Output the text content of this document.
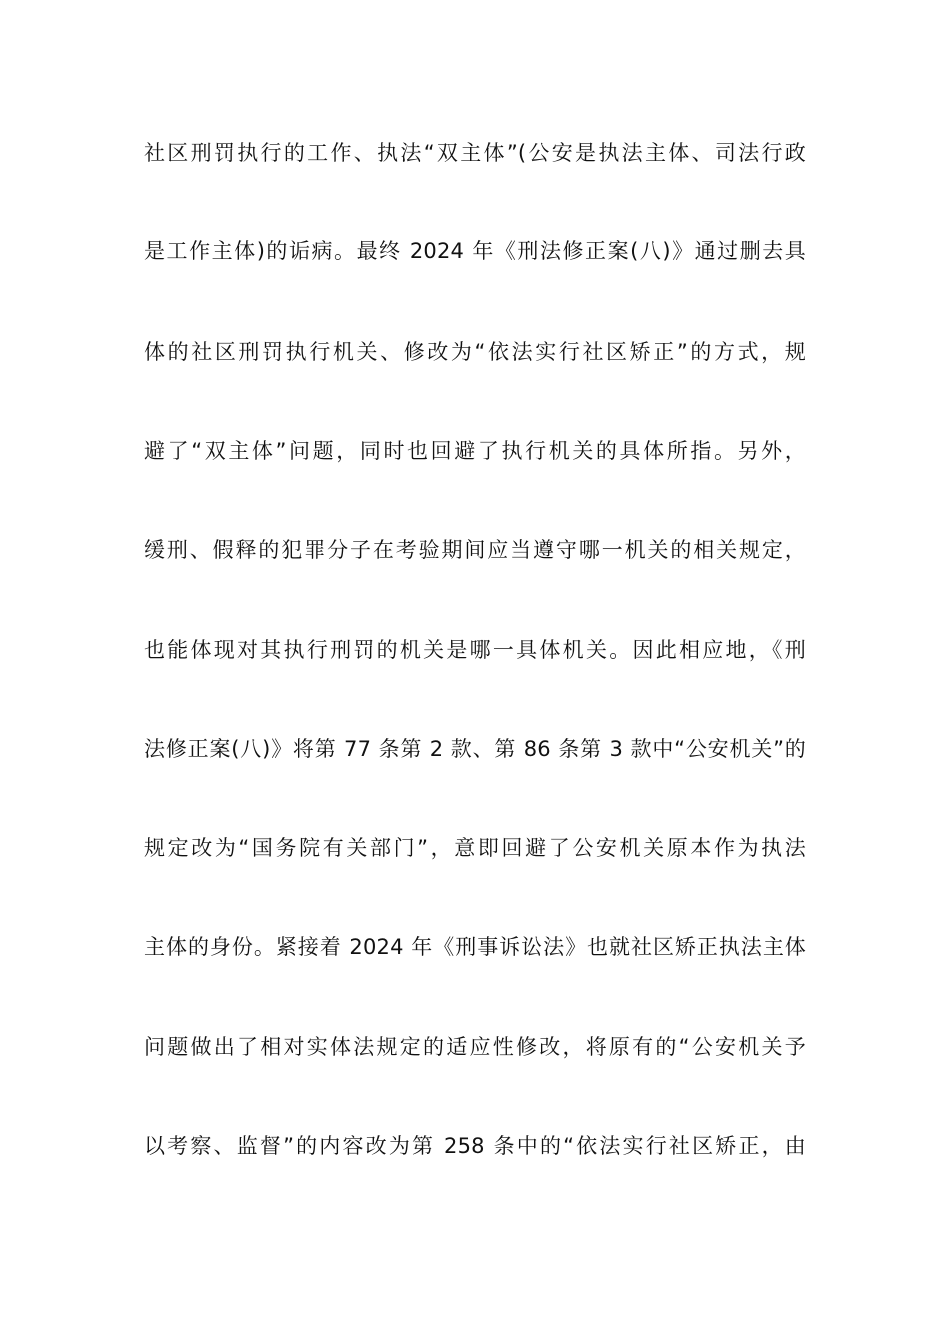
社区刑罚执行的工作、执法“双主体”(公安是执法主体、司法行政
是工作主体)的诟病。最终 2024 年《刑法修正案(八)》通过删去具
体的社区刑罚执行机关、修改为“依法实行社区矫正”的方式，规
避了“双主体”问题，同时也回避了执行机关的具体所指。另外，
缓刑、假释的犯罪分子在考验期间应当遵守哪一机关的相关规定，
也能体现对其执行刑罚的机关是哪一具体机关。因此相应地，《刑
法修正案(八)》将第 77 条第 2 款、第 86 条第 3 款中“公安机关”的
规定改为“国务院有关部门”，意即回避了公安机关原本作为执法
主体的身份。紧接着 2024 年《刑事诉讼法》也就社区矫正执法主体
问题做出了相对实体法规定的适应性修改，将原有的“公安机关予
以考察、监督”的内容改为第 258 条中的“依法实行社区矫正，由
